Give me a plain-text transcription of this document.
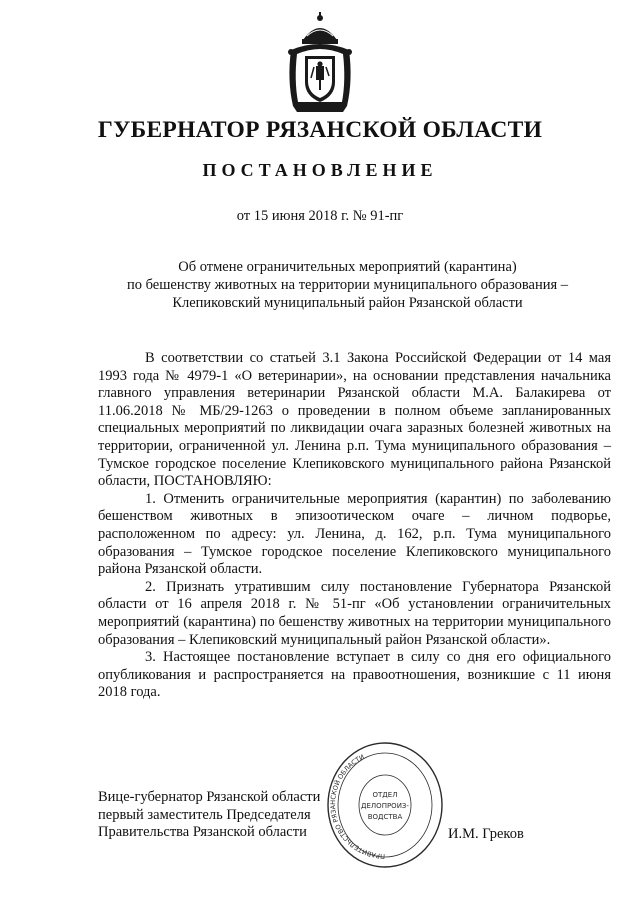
ГУБЕРНАТОР РЯЗАНСКОЙ ОБЛАСТИ
ПОСТАНОВЛЕНИЕ
от 15 июня 2018 г. № 91-пг
Об отмене ограничительных мероприятий (карантина)
по бешенству животных на территории муниципального образования –
Клепиковский муниципальный район Рязанской области

В соответствии со статьей 3.1 Закона Российской Федерации от 14 мая 1993 года № 4979-1 «О ветеринарии», на основании представления начальника главного управления ветеринарии Рязанской области М.А. Балакирева от 11.06.2018 № МБ/29-1263 о проведении в полном объеме запланированных специальных мероприятий по ликвидации очага заразных болезней животных на территории, ограниченной ул. Ленина р.п. Тума муниципального образования – Тумское городское поселение Клепиковского муниципального района Рязанской области, ПОСТАНОВЛЯЮ:

1. Отменить ограничительные мероприятия (карантин) по заболеванию бешенством животных в эпизоотическом очаге – личном подворье, расположенном по адресу: ул. Ленина, д. 162, р.п. Тума муниципального образования – Тумское городское поселение Клепиковского муниципального района Рязанской области.

2. Признать утратившим силу постановление Губернатора Рязанской области от 16 апреля 2018 г. № 51-пг «Об установлении ограничительных мероприятий (карантина) по бешенству животных на территории муниципального образования – Клепиковский муниципальный район Рязанской области».

3. Настоящее постановление вступает в силу со дня его официального опубликования и распространяется на правоотношения, возникшие с 11 июня 2018 года.

ПРАВИТЕЛЬСТВО РЯЗАНСКОЙ ОБЛАСТИ
ОТДЕЛ
ДЕЛОПРОИЗ-
ВОДСТВА
Вице-губернатор Рязанской области
первый заместитель Председателя
Правительства Рязанской области	И.М. Греков
